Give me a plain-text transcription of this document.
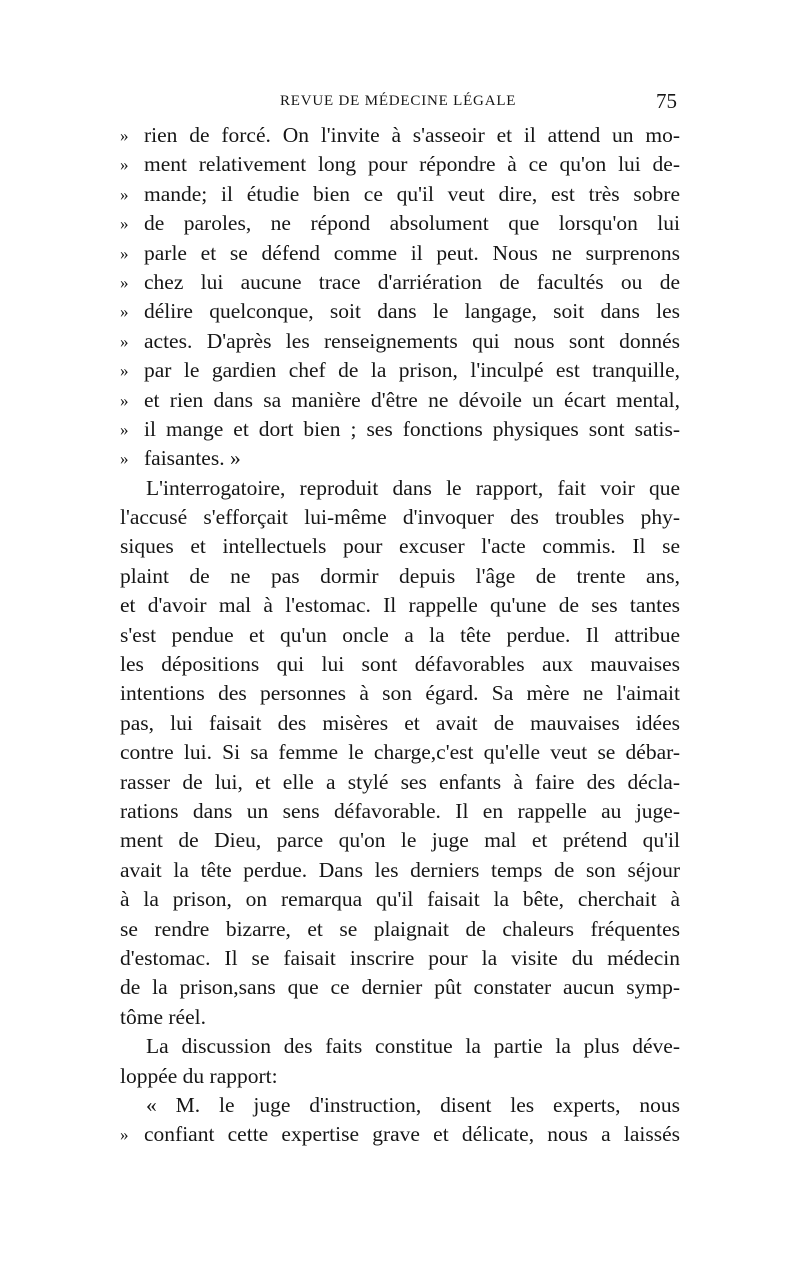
REVUE DE MÉDECINE LÉGALE	75
» rien de forcé. On l'invite à s'asseoir et il attend un mo-
» ment relativement long pour répondre à ce qu'on lui de-
» mande; il étudie bien ce qu'il veut dire, est très sobre
» de paroles, ne répond absolument que lorsqu'on lui
» parle et se défend comme il peut. Nous ne surprenons
» chez lui aucune trace d'arriération de facultés ou de
» délire quelconque, soit dans le langage, soit dans les
» actes. D'après les renseignements qui nous sont donnés
» par le gardien chef de la prison, l'inculpé est tranquille,
» et rien dans sa manière d'être ne dévoile un écart mental,
» il mange et dort bien ; ses fonctions physiques sont satis-
» faisantes. »
L'interrogatoire, reproduit dans le rapport, fait voir que
l'accusé s'efforçait lui-même d'invoquer des troubles phy-
siques et intellectuels pour excuser l'acte commis. Il se
plaint de ne pas dormir depuis l'âge de trente ans,
et d'avoir mal à l'estomac. Il rappelle qu'une de ses tantes
s'est pendue et qu'un oncle a la tête perdue. Il attribue
les dépositions qui lui sont défavorables aux mauvaises
intentions des personnes à son égard. Sa mère ne l'aimait
pas, lui faisait des misères et avait de mauvaises idées
contre lui. Si sa femme le charge,c'est qu'elle veut se débar-
rasser de lui, et elle a stylé ses enfants à faire des décla-
rations dans un sens défavorable. Il en rappelle au juge-
ment de Dieu, parce qu'on le juge mal et prétend qu'il
avait la tête perdue. Dans les derniers temps de son séjour
à la prison, on remarqua qu'il faisait la bête, cherchait à
se rendre bizarre, et se plaignait de chaleurs fréquentes
d'estomac. Il se faisait inscrire pour la visite du médecin
de la prison,sans que ce dernier pût constater aucun symp-
tôme réel.
La discussion des faits constitue la partie la plus déve-
loppée du rapport:
« M. le juge d'instruction, disent les experts, nous
» confiant cette expertise grave et délicate, nous a laissés
